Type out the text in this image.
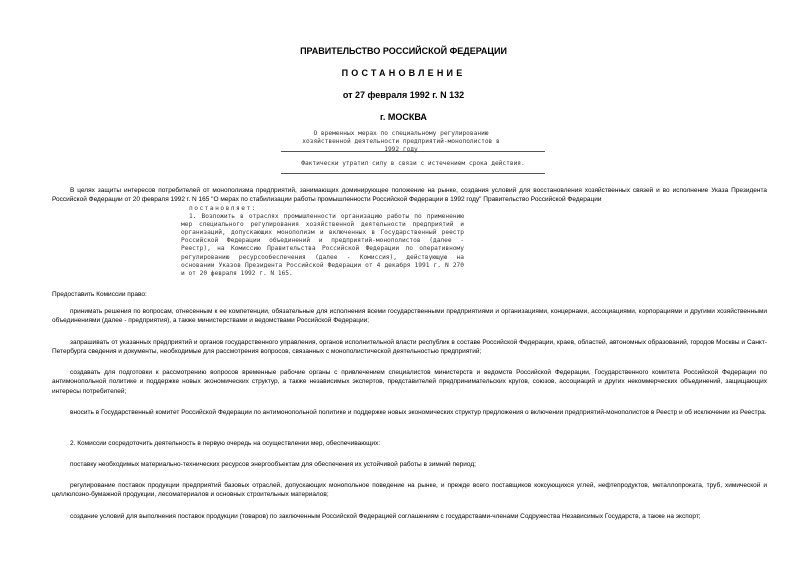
ПРАВИТЕЛЬСТВО РОССИЙСКОЙ ФЕДЕРАЦИИ
ПОСТАНОВЛЕНИЕ
от 27 февраля 1992 г. N 132
г. МОСКВА
О временных мерах по специальному регулированию хозяйственной деятельности предприятий-монополистов в 1992 году
Фактически утратил силу в связи с истечением срока действия.
В целях защиты интересов потребителей от монополизма предприятий, занимающих доминирующее положение на рынке, создания условий для восстановления хозяйственных связей и во исполнение Указа Президента Российской Федерации от 20 февраля 1992 г. N 165 "О мерах по стабилизации работы промышленности Российской Федерации в 1992 году" Правительство Российской Федерации
постановляет:
1. Возложить в отраслях промышленности организацию работы по применению мер специального регулирования хозяйственной деятельности предприятий и организаций, допускающих монополизм и включенных в Государственный реестр Российской Федерации объединений и предприятий-монополистов (далее - Реестр), на Комиссию Правительства Российской Федерации по оперативному регулированию ресурсообеспечения (далее - Комиссия), действующую на основании Указов Президента Российской Федерации от 4 декабря 1991 г. N 270 и от 20 февраля 1992 г. N 165.
Предоставить Комиссии право:
принимать решения по вопросам, отнесенным к ее компетенции, обязательные для исполнения всеми государственными предприятиями и организациями, концернами, ассоциациями, корпорациями и другими хозяйственными объединениями (далее - предприятия), а также министерствами и ведомствами Российской Федерации;
запрашивать от указанных предприятий и органов государственного управления, органов исполнительной власти республик в составе Российской Федерации, краев, областей, автономных образований, городов Москвы и Санкт-Петербурга сведения и документы, необходимые для рассмотрения вопросов, связанных с монополистической деятельностью предприятий;
создавать для подготовки к рассмотрению вопросов временные рабочие органы с привлечением специалистов министерств и ведомств Российской Федерации, Государственного комитета Российской Федерации по антимонопольной политике и поддержке новых экономических структур, а также независимых экспертов, представителей предпринимательских кругов, союзов, ассоциаций и других некоммерческих объединений, защищающих интересы потребителей;
вносить в Государственный комитет Российской Федерации по антимонопольной политике и поддержке новых экономических структур предложения о включении предприятий-монополистов в Реестр и об исключении из Реестра.
2. Комиссии сосредоточить деятельность в первую очередь на осуществлении мер, обеспечивающих:
поставку необходимых материально-технических ресурсов энергообъектам для обеспечения их устойчивой работы в зимний период;
регулирование поставок продукции предприятий базовых отраслей, допускающих монопольное поведение на рынке, и прежде всего поставщиков коксующихся углей, нефтепродуктов, металлопроката, труб, химической и целлюлозно-бумажной продукции, лесоматериалов и основных строительных материалов;
создание условий для выполнения поставок продукции (товаров) по заключенным Российской Федерацией соглашениям с государствами-членами Содружества Независимых Государств, а также на экспорт;
